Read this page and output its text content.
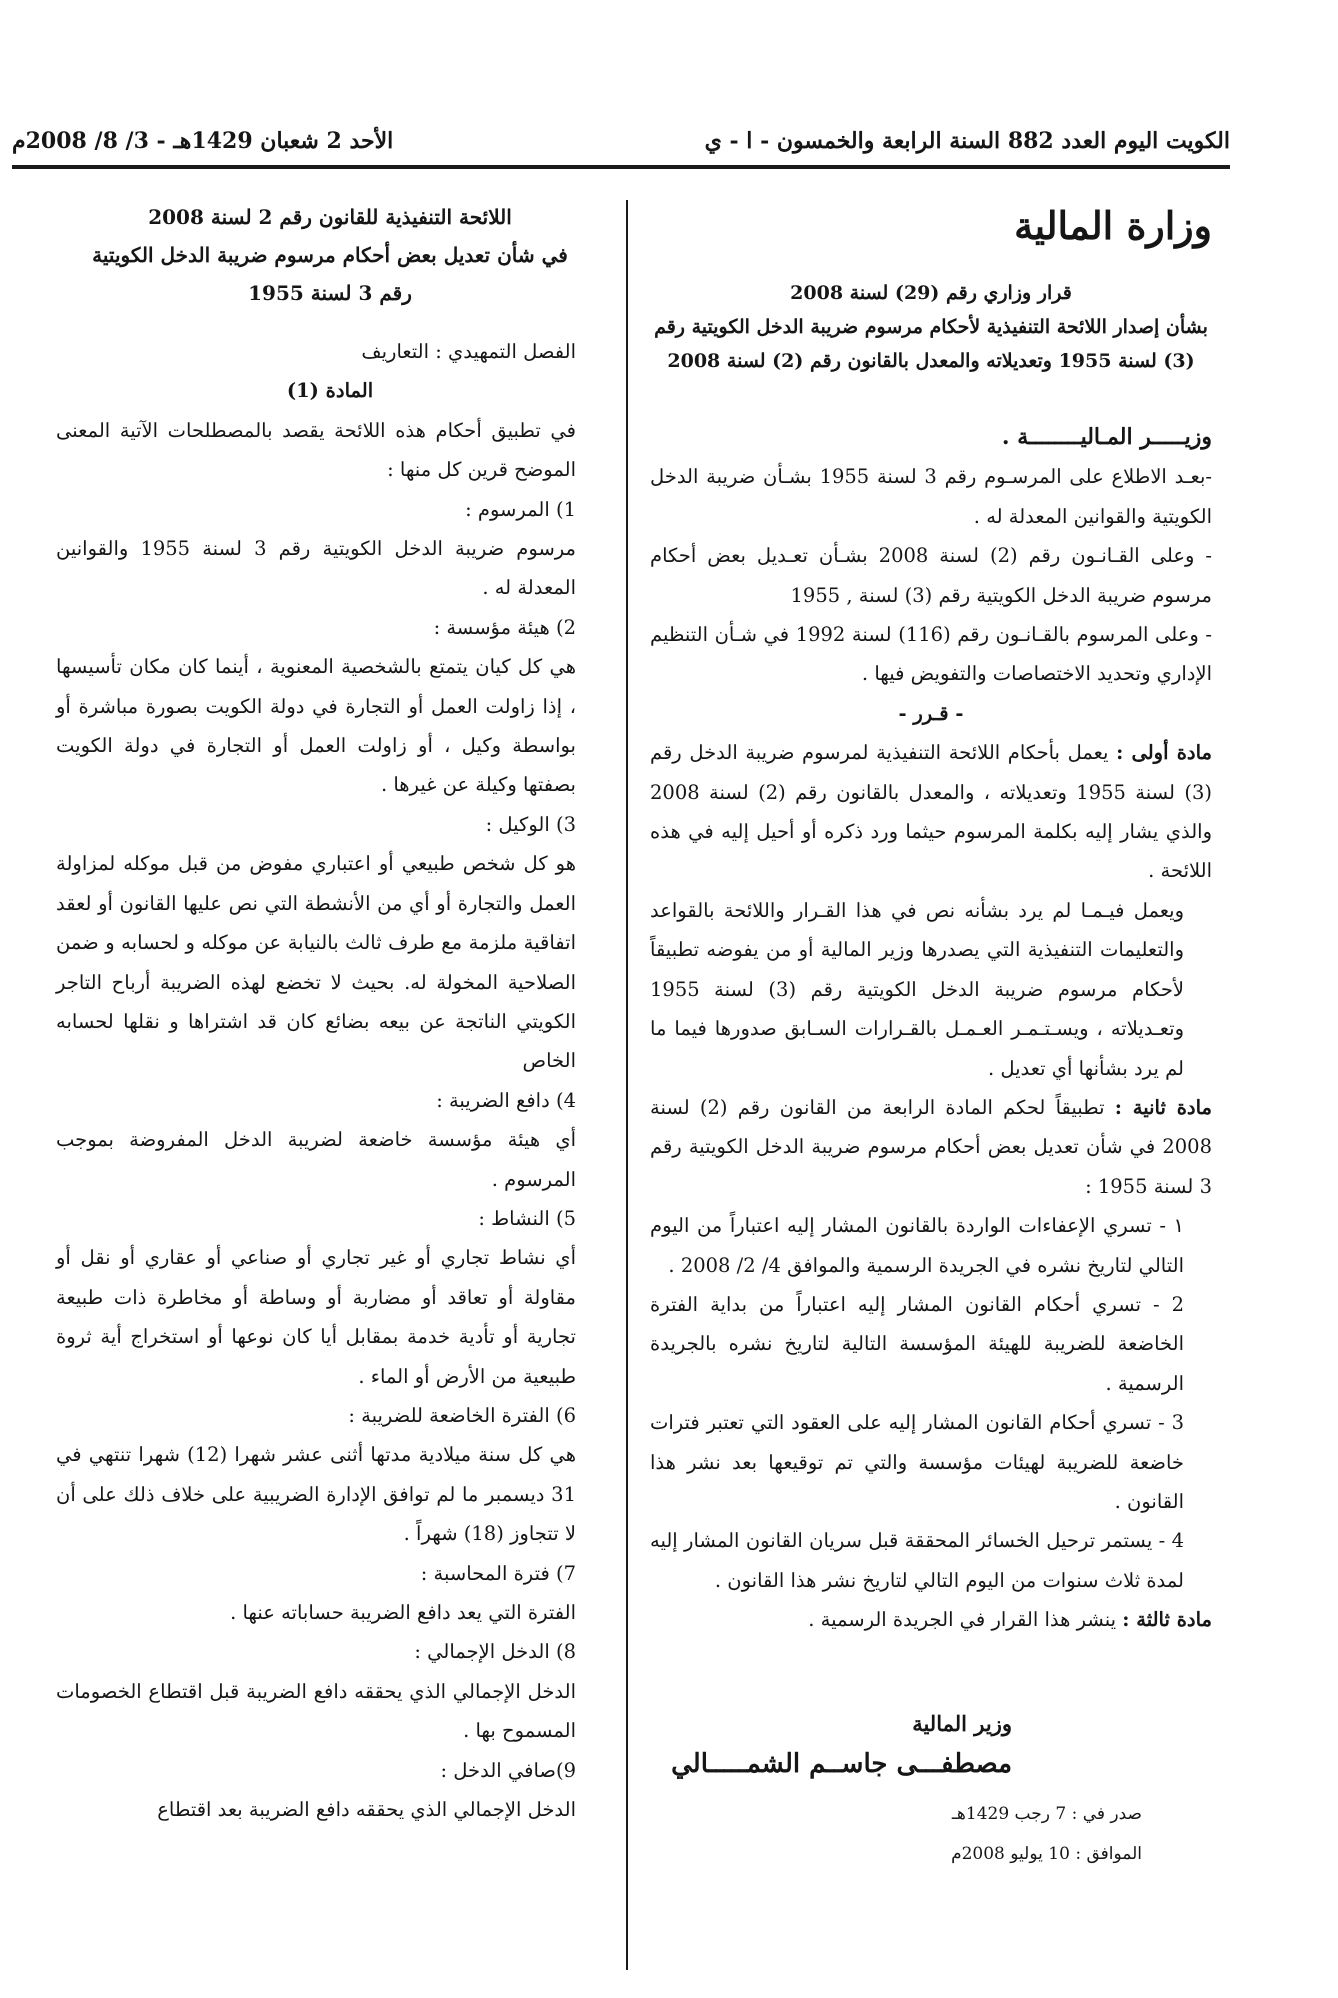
الكويت اليوم العدد 882 السنة الرابعة والخمسون - ا - ي
الأحد 2 شعبان 1429هـ - 3/ 8/ 2008م

وزارة المالية

قرار وزاري رقم (29) لسنة 2008

بشأن إصدار اللائحة التنفيذية لأحكام مرسوم ضريبة الدخل الكويتية رقم (3) لسنة 1955 وتعديلاته والمعدل بالقانون رقم (2) لسنة 2008

وزيـــــر المـاليــــــــة .

-بعـد الاطلاع على المرسـوم رقم 3 لسنة 1955 بشـأن ضريبة الدخل الكويتية والقوانين المعدلة له .

- وعلى القـانـون رقم (2) لسنة 2008 بشـأن تعـديل بعض أحكام مرسوم ضريبة الدخل الكويتية رقم (3) لسنة , 1955

- وعلى المرسوم بالقـانـون رقم (116) لسنة 1992 في شـأن التنظيم الإداري وتحديد الاختصاصات والتفويض فيها .

- قـرر -

مادة أولى : يعمل بأحكام اللائحة التنفيذية لمرسوم ضريبة الدخل رقم (3) لسنة 1955 وتعديلاته ، والمعدل بالقانون رقم (2) لسنة 2008 والذي يشار إليه بكلمة المرسوم حيثما ورد ذكره أو أحيل إليه في هذه اللائحة .

ويعمل فيـمـا لم يرد بشأنه نص في هذا القـرار واللائحة بالقواعد والتعليمات التنفيذية التي يصدرها وزير المالية أو من يفوضه تطبيقاً لأحكام مرسوم ضريبة الدخل الكويتية رقم (3) لسنة 1955 وتعـديلاته ، ويسـتـمـر العـمـل بالقـرارات السـابق صدورها فيما ما لم يرد بشأنها أي تعديل .

مادة ثانية : تطبيقاً لحكم المادة الرابعة من القانون رقم (2) لسنة 2008 في شأن تعديل بعض أحكام مرسوم ضريبة الدخل الكويتية رقم 3 لسنة 1955 :

١ - تسري الإعفاءات الواردة بالقانون المشار إليه اعتباراً من اليوم التالي لتاريخ نشره في الجريدة الرسمية والموافق 4/ 2/ 2008 .

2 - تسري أحكام القانون المشار إليه اعتباراً من بداية الفترة الخاضعة للضريبة للهيئة المؤسسة التالية لتاريخ نشره بالجريدة الرسمية .

3 - تسري أحكام القانون المشار إليه على العقود التي تعتبر فترات خاضعة للضريبة لهيئات مؤسسة والتي تم توقيعها بعد نشر هذا القانون .

4 - يستمر ترحيل الخسائر المحققة قبل سريان القانون المشار إليه لمدة ثلاث سنوات من اليوم التالي لتاريخ نشر هذا القانون .

مادة ثالثة : ينشر هذا القرار في الجريدة الرسمية .

وزير المالية

مصطفـــى جاســم الشمـــــالي

صدر في : 7 رجب 1429هـ

الموافق : 10 يوليو 2008م

اللائحة التنفيذية للقانون رقم 2 لسنة 2008

في شأن تعديل بعض أحكام مرسوم ضريبة الدخل الكويتية

رقم 3 لسنة 1955

الفصل التمهيدي : التعاريف

المادة (1)

في تطبيق أحكام هذه اللائحة يقصد بالمصطلحات الآتية المعنى الموضح قرين كل منها :

1) المرسوم :

مرسوم ضريبة الدخل الكويتية رقم 3 لسنة 1955 والقوانين المعدلة له .

2) هيئة مؤسسة :

هي كل كيان يتمتع بالشخصية المعنوية ، أينما كان مكان تأسيسها ، إذا زاولت العمل أو التجارة في دولة الكويت بصورة مباشرة أو بواسطة وكيل ، أو زاولت العمل أو التجارة في دولة الكويت بصفتها وكيلة عن غيرها .

3) الوكيل :

هو كل شخص طبيعي أو اعتباري مفوض من قبل موكله لمزاولة العمل والتجارة أو أي من الأنشطة التي نص عليها القانون أو لعقد اتفاقية ملزمة مع طرف ثالث بالنيابة عن موكله و لحسابه و ضمن الصلاحية المخولة له. بحيث لا تخضع لهذه الضريبة أرباح التاجر الكويتي الناتجة عن بيعه بضائع كان قد اشتراها و نقلها لحسابه الخاص

4) دافع الضريبة :

أي هيئة مؤسسة خاضعة لضريبة الدخل المفروضة بموجب المرسوم .

5) النشاط :

أي نشاط تجاري أو غير تجاري أو صناعي أو عقاري أو نقل أو مقاولة أو تعاقد أو مضاربة أو وساطة أو مخاطرة ذات طبيعة تجارية أو تأدية خدمة بمقابل أيا كان نوعها أو استخراج أية ثروة طبيعية من الأرض أو الماء .

6) الفترة الخاضعة للضريبة :

هي كل سنة ميلادية مدتها أثنى عشر شهرا (12) شهرا تنتهي في 31 ديسمبر ما لم توافق الإدارة الضريبية على خلاف ذلك على أن لا تتجاوز (18) شهراً .

7) فترة المحاسبة :

الفترة التي يعد دافع الضريبة حساباته عنها .

8) الدخل الإجمالي :

الدخل الإجمالي الذي يحققه دافع الضريبة قبل اقتطاع الخصومات المسموح بها .

9)صافي الدخل :

الدخل الإجمالي الذي يحققه دافع الضريبة بعد اقتطاع
